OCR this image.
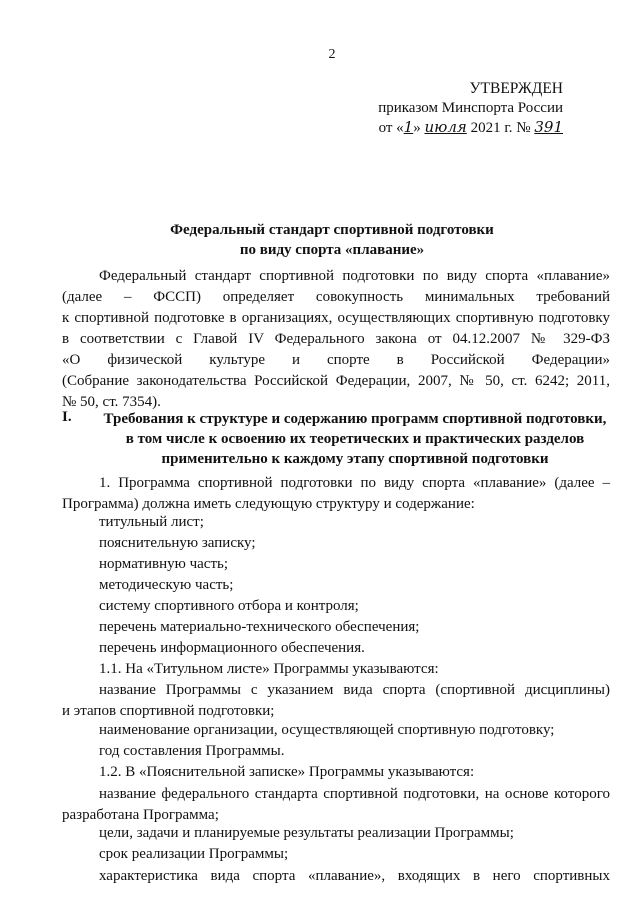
2
УТВЕРЖДЕН
приказом Минспорта России
от «1» июля 2021 г. № 391
Федеральный стандарт спортивной подготовки
по виду спорта «плавание»
Федеральный стандарт спортивной подготовки по виду спорта «плавание»
(далее – ФССП) определяет совокупность минимальных требований
к спортивной подготовке в организациях, осуществляющих спортивную подготовку
в соответствии с Главой IV Федерального закона от 04.12.2007 № 329-ФЗ
«О физической культуре и спорте в Российской Федерации»
(Собрание законодательства Российской Федерации, 2007, № 50, ст. 6242; 2011,
№ 50, ст. 7354).
I.	Требования к структуре и содержанию программ спортивной подготовки,
в том числе к освоению их теоретических и практических разделов
применительно к каждому этапу спортивной подготовки
1. Программа спортивной подготовки по виду спорта «плавание» (далее –
Программа) должна иметь следующую структуру и содержание:
титульный лист;
пояснительную записку;
нормативную часть;
методическую часть;
систему спортивного отбора и контроля;
перечень материально-технического обеспечения;
перечень информационного обеспечения.
1.1. На «Титульном листе» Программы указываются:
название Программы с указанием вида спорта (спортивной дисциплины)
и этапов спортивной подготовки;
наименование организации, осуществляющей спортивную подготовку;
год составления Программы.
1.2. В «Пояснительной записке» Программы указываются:
название федерального стандарта спортивной подготовки, на основе которого
разработана Программа;
цели, задачи и планируемые результаты реализации Программы;
срок реализации Программы;
характеристика вида спорта «плавание», входящих в него спортивных
